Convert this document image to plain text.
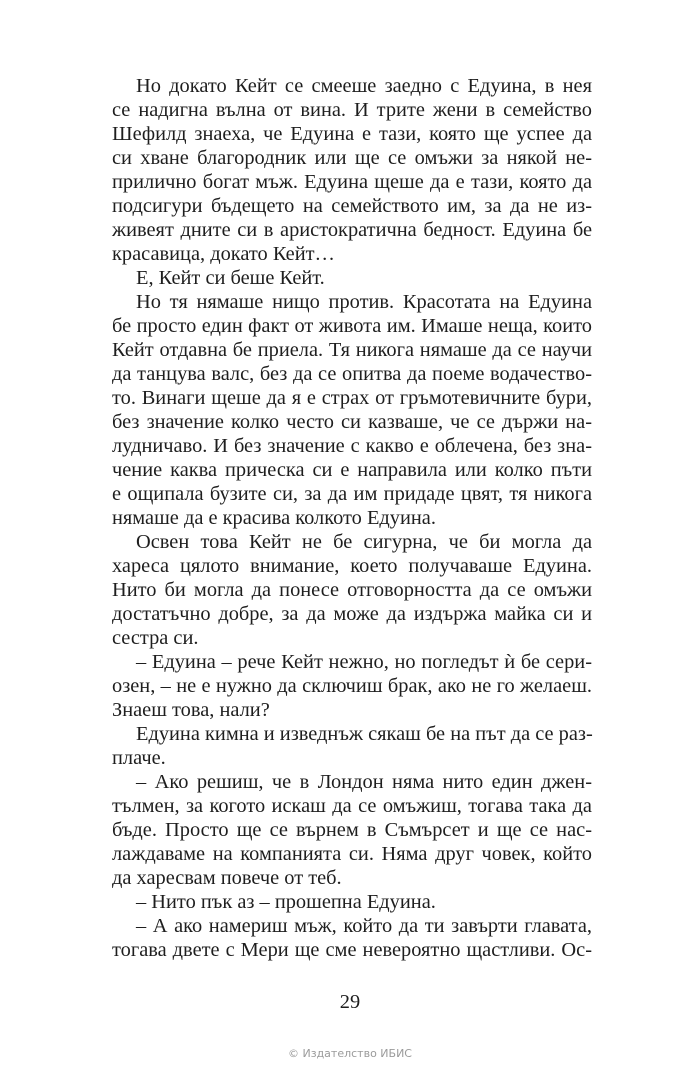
Но докато Кейт се смееше заедно с Едуина, в нея
се надигна вълна от вина. И трите жени в семейство
Шефилд знаеха, че Едуина е тази, която ще успее да
си хване благородник или ще се омъжи за някой не-
прилично богат мъж. Едуина щеше да е тази, която да
подсигури бъдещето на семейството им, за да не из-
живеят дните си в аристократична бедност. Едуина бе
красавица, докато Кейт…
Е, Кейт си беше Кейт.
Но тя нямаше нищо против. Красотата на Едуина
бе просто един факт от живота им. Имаше неща, които
Кейт отдавна бе приела. Тя никога нямаше да се научи
да танцува валс, без да се опитва да поеме водачество-
то. Винаги щеше да я е страх от гръмотевичните бури,
без значение колко често си казваше, че се държи на-
лудничаво. И без значение с какво е облечена, без зна-
чение каква прическа си е направила или колко пъти
е ощипала бузите си, за да им придаде цвят, тя никога
нямаше да е красива колкото Едуина.
Освен това Кейт не бе сигурна, че би могла да
хареса цялото внимание, което получаваше Едуина.
Нито би могла да понесе отговорността да се омъжи
достатъчно добре, за да може да издържа майка си и
сестра си.
– Едуина – рече Кейт нежно, но погледът ѝ бе сери-
озен, – не е нужно да сключиш брак, ако не го желаеш.
Знаеш това, нали?
Едуина кимна и изведнъж сякаш бе на път да се раз-
плаче.
– Ако решиш, че в Лондон няма нито един джен-
тълмен, за когото искаш да се омъжиш, тогава така да
бъде. Просто ще се върнем в Съмърсет и ще се нас-
лаждаваме на компанията си. Няма друг човек, който
да харесвам повече от теб.
– Нито пък аз – прошепна Едуина.
– А ако намериш мъж, който да ти завърти главата,
тогава двете с Мери ще сме невероятно щастливи. Ос-
29
© Издателство ИБИС
